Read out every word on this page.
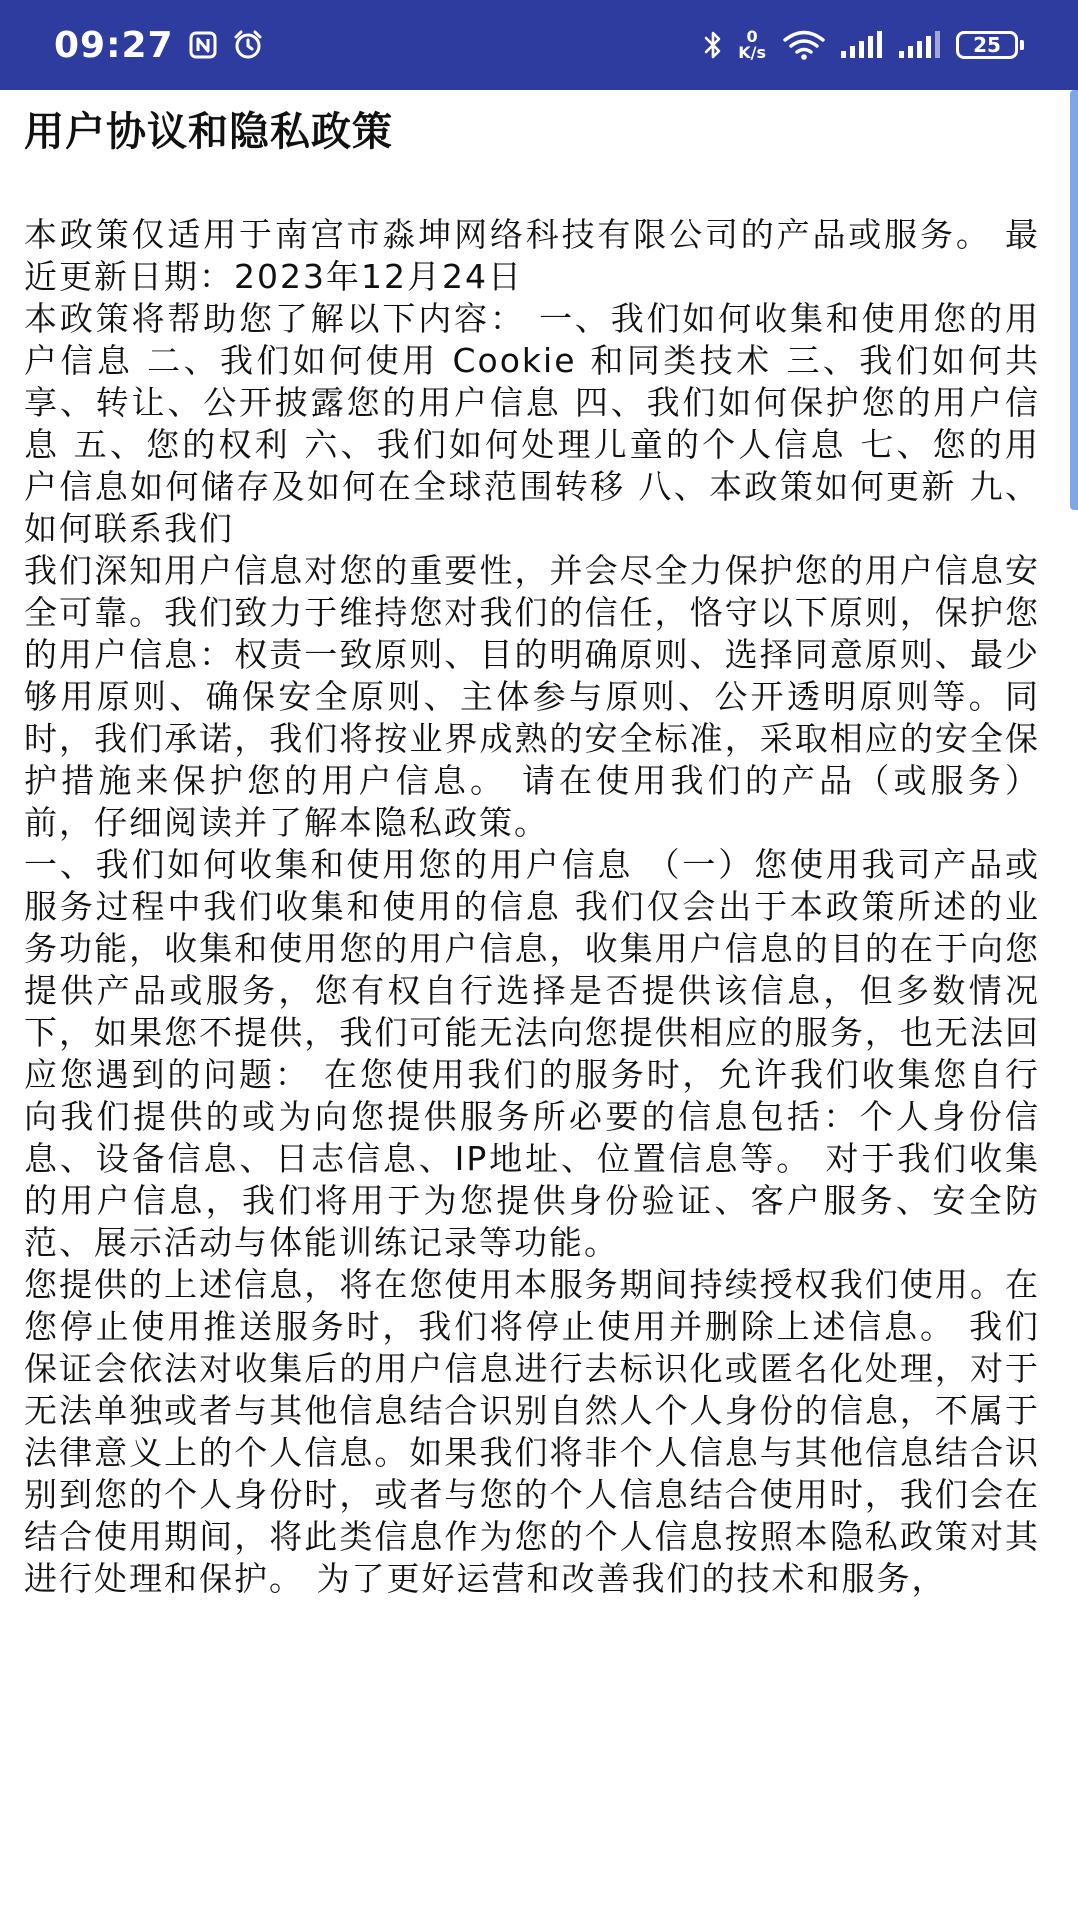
09:27	0
K/s	25
用户协议和隐私政策

本政策仅适用于南宫市淼坤网络科技有限公司的产品或服务。 最近更新日期：2023年12月24日

本政策将帮助您了解以下内容： 一、我们如何收集和使用您的用户信息 二、我们如何使用 Cookie 和同类技术 三、我们如何共享、转让、公开披露您的用户信息 四、我们如何保护您的用户信息 五、您的权利 六、我们如何处理儿童的个人信息 七、您的用户信息如何储存及如何在全球范围转移 八、本政策如何更新 九、如何联系我们

我们深知用户信息对您的重要性，并会尽全力保护您的用户信息安全可靠。我们致力于维持您对我们的信任，恪守以下原则，保护您的用户信息：权责一致原则、目的明确原则、选择同意原则、最少够用原则、确保安全原则、主体参与原则、公开透明原则等。同时，我们承诺，我们将按业界成熟的安全标准，采取相应的安全保护措施来保护您的用户信息。 请在使用我们的产品（或服务）前，仔细阅读并了解本隐私政策。

一、我们如何收集和使用您的用户信息 （一）您使用我司产品或服务过程中我们收集和使用的信息 我们仅会出于本政策所述的业务功能，收集和使用您的用户信息，收集用户信息的目的在于向您提供产品或服务，您有权自行选择是否提供该信息，但多数情况下，如果您不提供，我们可能无法向您提供相应的服务，也无法回应您遇到的问题： 在您使用我们的服务时，允许我们收集您自行向我们提供的或为向您提供服务所必要的信息包括：个人身份信息、设备信息、日志信息、IP地址、位置信息等。 对于我们收集的用户信息，我们将用于为您提供身份验证、客户服务、安全防范、展示活动与体能训练记录等功能。

您提供的上述信息，将在您使用本服务期间持续授权我们使用。在您停止使用推送服务时，我们将停止使用并删除上述信息。 我们保证会依法对收集后的用户信息进行去标识化或匿名化处理，对于无法单独或者与其他信息结合识别自然人个人身份的信息，不属于法律意义上的个人信息。如果我们将非个人信息与其他信息结合识别到您的个人身份时，或者与您的个人信息结合使用时，我们会在结合使用期间，将此类信息作为您的个人信息按照本隐私政策对其进行处理和保护。 为了更好运营和改善我们的技术和服务，
